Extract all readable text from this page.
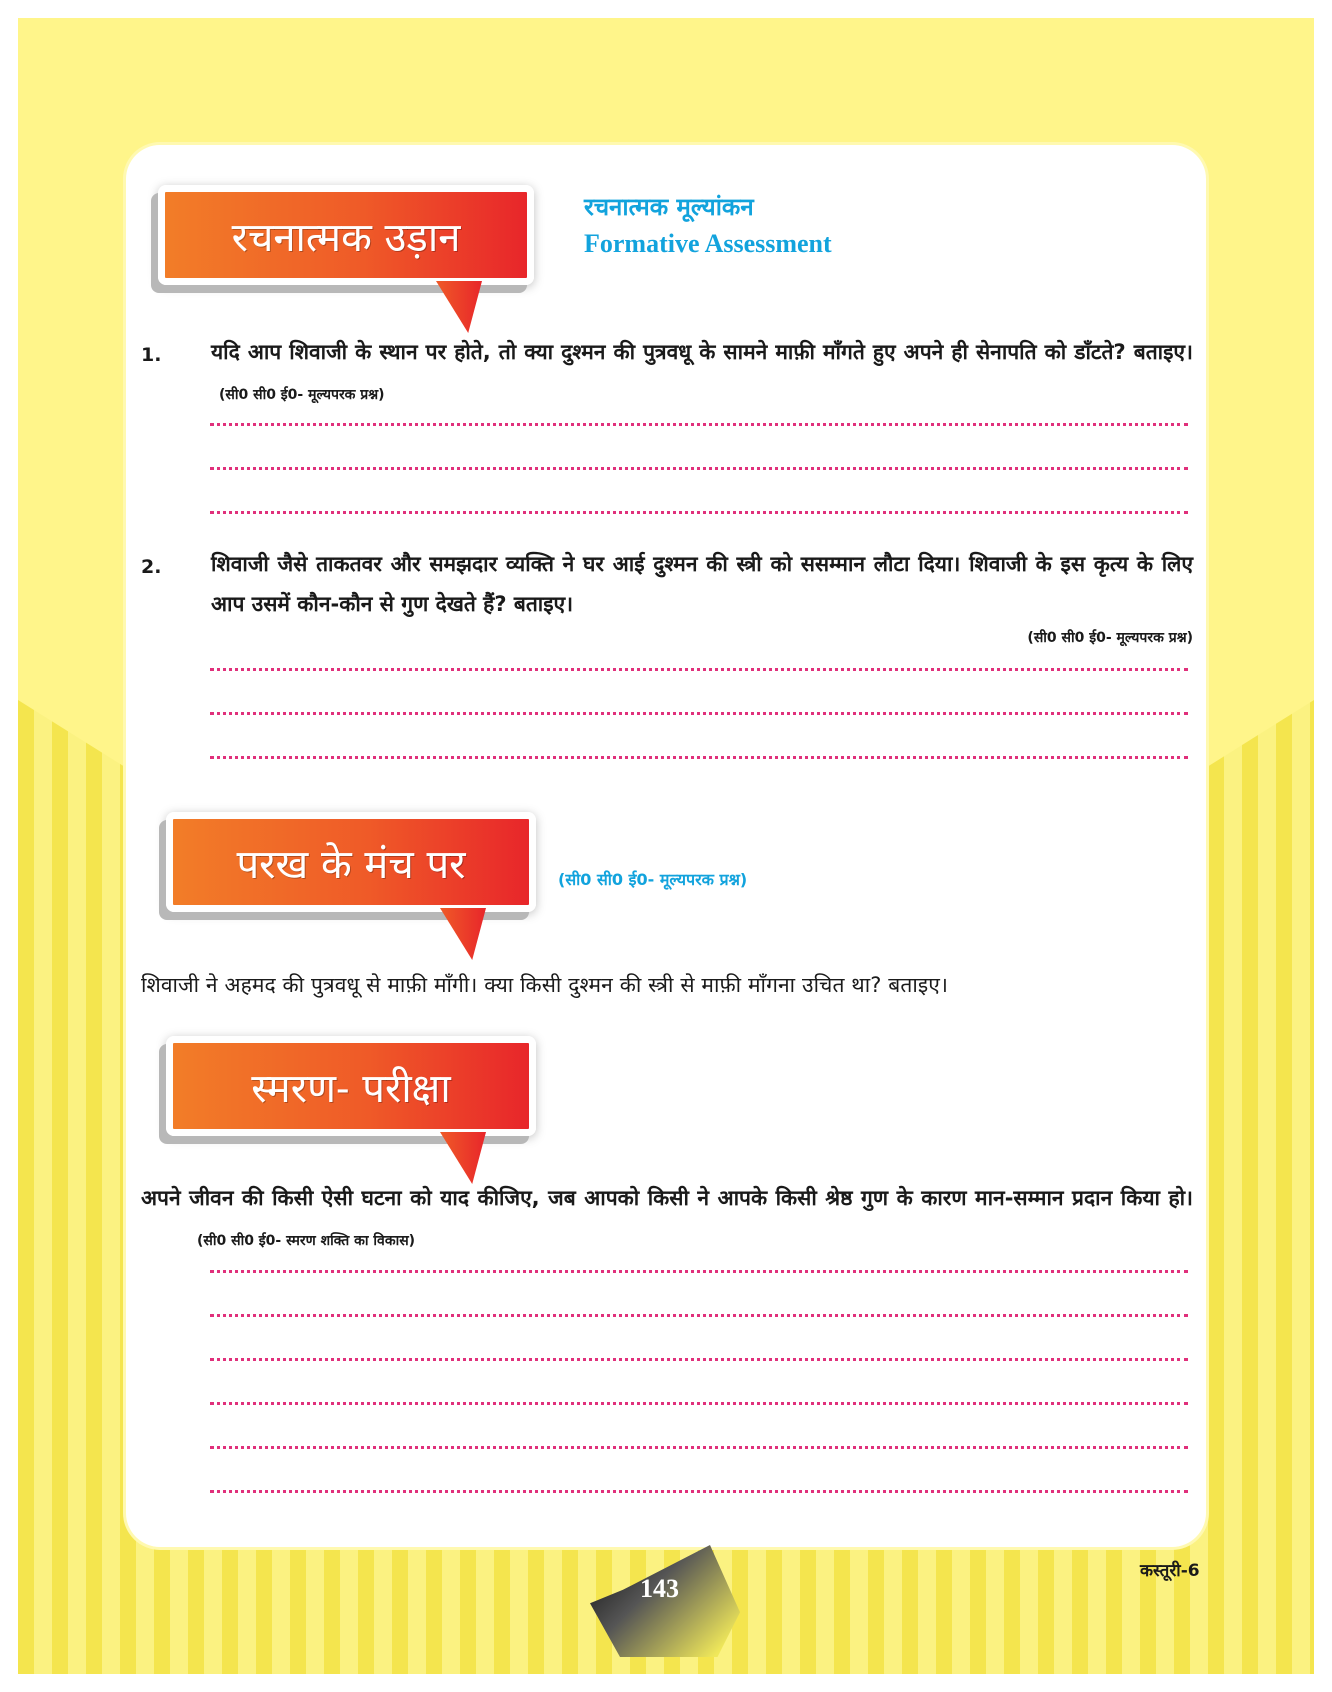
रचनात्मक उड़ान
रचनात्मक मूल्यांकन
Formative Assessment
1. यदि आप शिवाजी के स्थान पर होते, तो क्या दुश्मन की पुत्रवधू के सामने माफ़ी माँगते हुए अपने ही सेनापति को डाँटते? बताइए।(सी0 सी0 ई0- मूल्यपरक प्रश्न)
2. शिवाजी जैसे ताकतवर और समझदार व्यक्ति ने घर आई दुश्मन की स्त्री को ससम्मान लौटा दिया। शिवाजी के इस कृत्य के लिए आप उसमें कौन-कौन से गुण देखते हैं? बताइए।
(सी0 सी0 ई0- मूल्यपरक प्रश्न)
परख के मंच पर	(सी0 सी0 ई0- मूल्यपरक प्रश्न)
शिवाजी ने अहमद की पुत्रवधू से माफ़ी माँगी। क्या किसी दुश्मन की स्त्री से माफ़ी माँगना उचित था? बताइए।
स्मरण- परीक्षा
अपने जीवन की किसी ऐसी घटना को याद कीजिए, जब आपको किसी ने आपके किसी श्रेष्ठ गुण के कारण मान-सम्मान प्रदान किया हो।(सी0 सी0 ई0- स्मरण शक्ति का विकास)
143
कस्तूरी-6
